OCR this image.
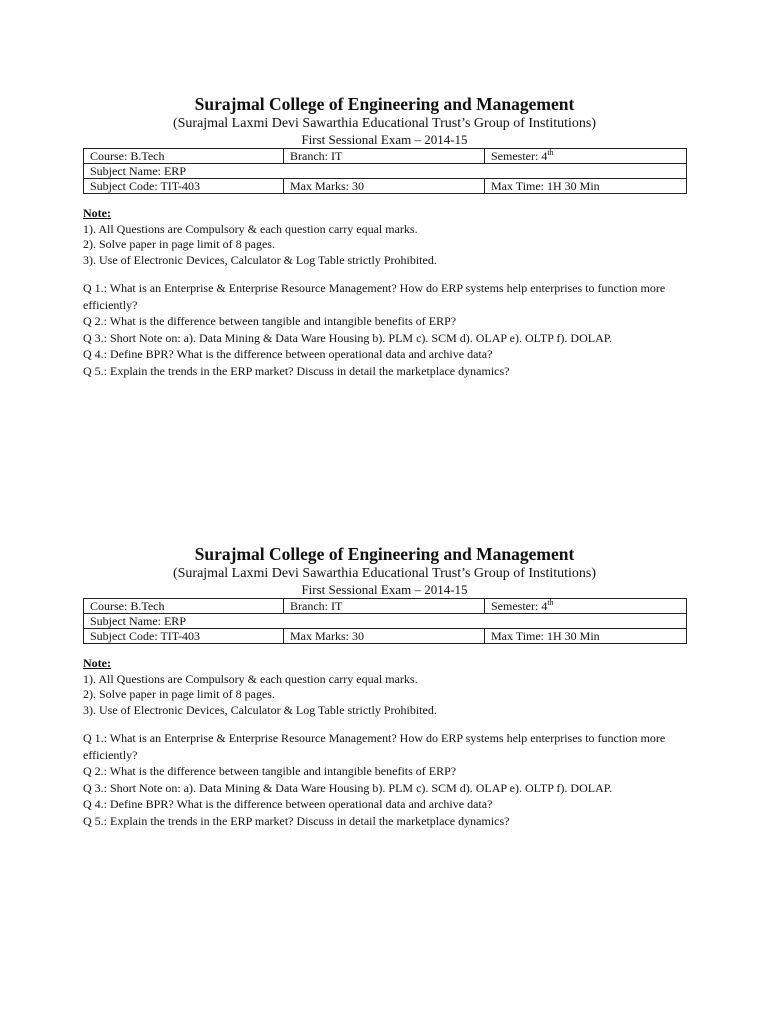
Surajmal College of Engineering and Management
(Surajmal Laxmi Devi Sawarthia Educational Trust’s Group of Institutions)
First Sessional Exam – 2014-15
Course: B.Tech	Branch: IT	Semester: 4th
Subject Name: ERP		
Subject Code: TIT-403	Max Marks: 30	Max Time: 1H 30 Min
Note:
1). All Questions are Compulsory & each question carry equal marks.
2). Solve paper in page limit of 8 pages.
3). Use of Electronic Devices, Calculator & Log Table strictly Prohibited.
Q 1.: What is an Enterprise & Enterprise Resource Management? How do ERP systems help enterprises to function more efficiently?
Q 2.: What is the difference between tangible and intangible benefits of ERP?
Q 3.: Short Note on: a). Data Mining & Data Ware Housing b). PLM c). SCM d). OLAP e). OLTP f). DOLAP.
Q 4.: Define BPR? What is the difference between operational data and archive data?
Q 5.: Explain the trends in the ERP market? Discuss in detail the marketplace dynamics?
Surajmal College of Engineering and Management
(Surajmal Laxmi Devi Sawarthia Educational Trust’s Group of Institutions)
First Sessional Exam – 2014-15
Course: B.Tech	Branch: IT	Semester: 4th
Subject Name: ERP		
Subject Code: TIT-403	Max Marks: 30	Max Time: 1H 30 Min
Note:
1). All Questions are Compulsory & each question carry equal marks.
2). Solve paper in page limit of 8 pages.
3). Use of Electronic Devices, Calculator & Log Table strictly Prohibited.
Q 1.: What is an Enterprise & Enterprise Resource Management? How do ERP systems help enterprises to function more efficiently?
Q 2.: What is the difference between tangible and intangible benefits of ERP?
Q 3.: Short Note on: a). Data Mining & Data Ware Housing b). PLM c). SCM d). OLAP e). OLTP f). DOLAP.
Q 4.: Define BPR? What is the difference between operational data and archive data?
Q 5.: Explain the trends in the ERP market? Discuss in detail the marketplace dynamics?
